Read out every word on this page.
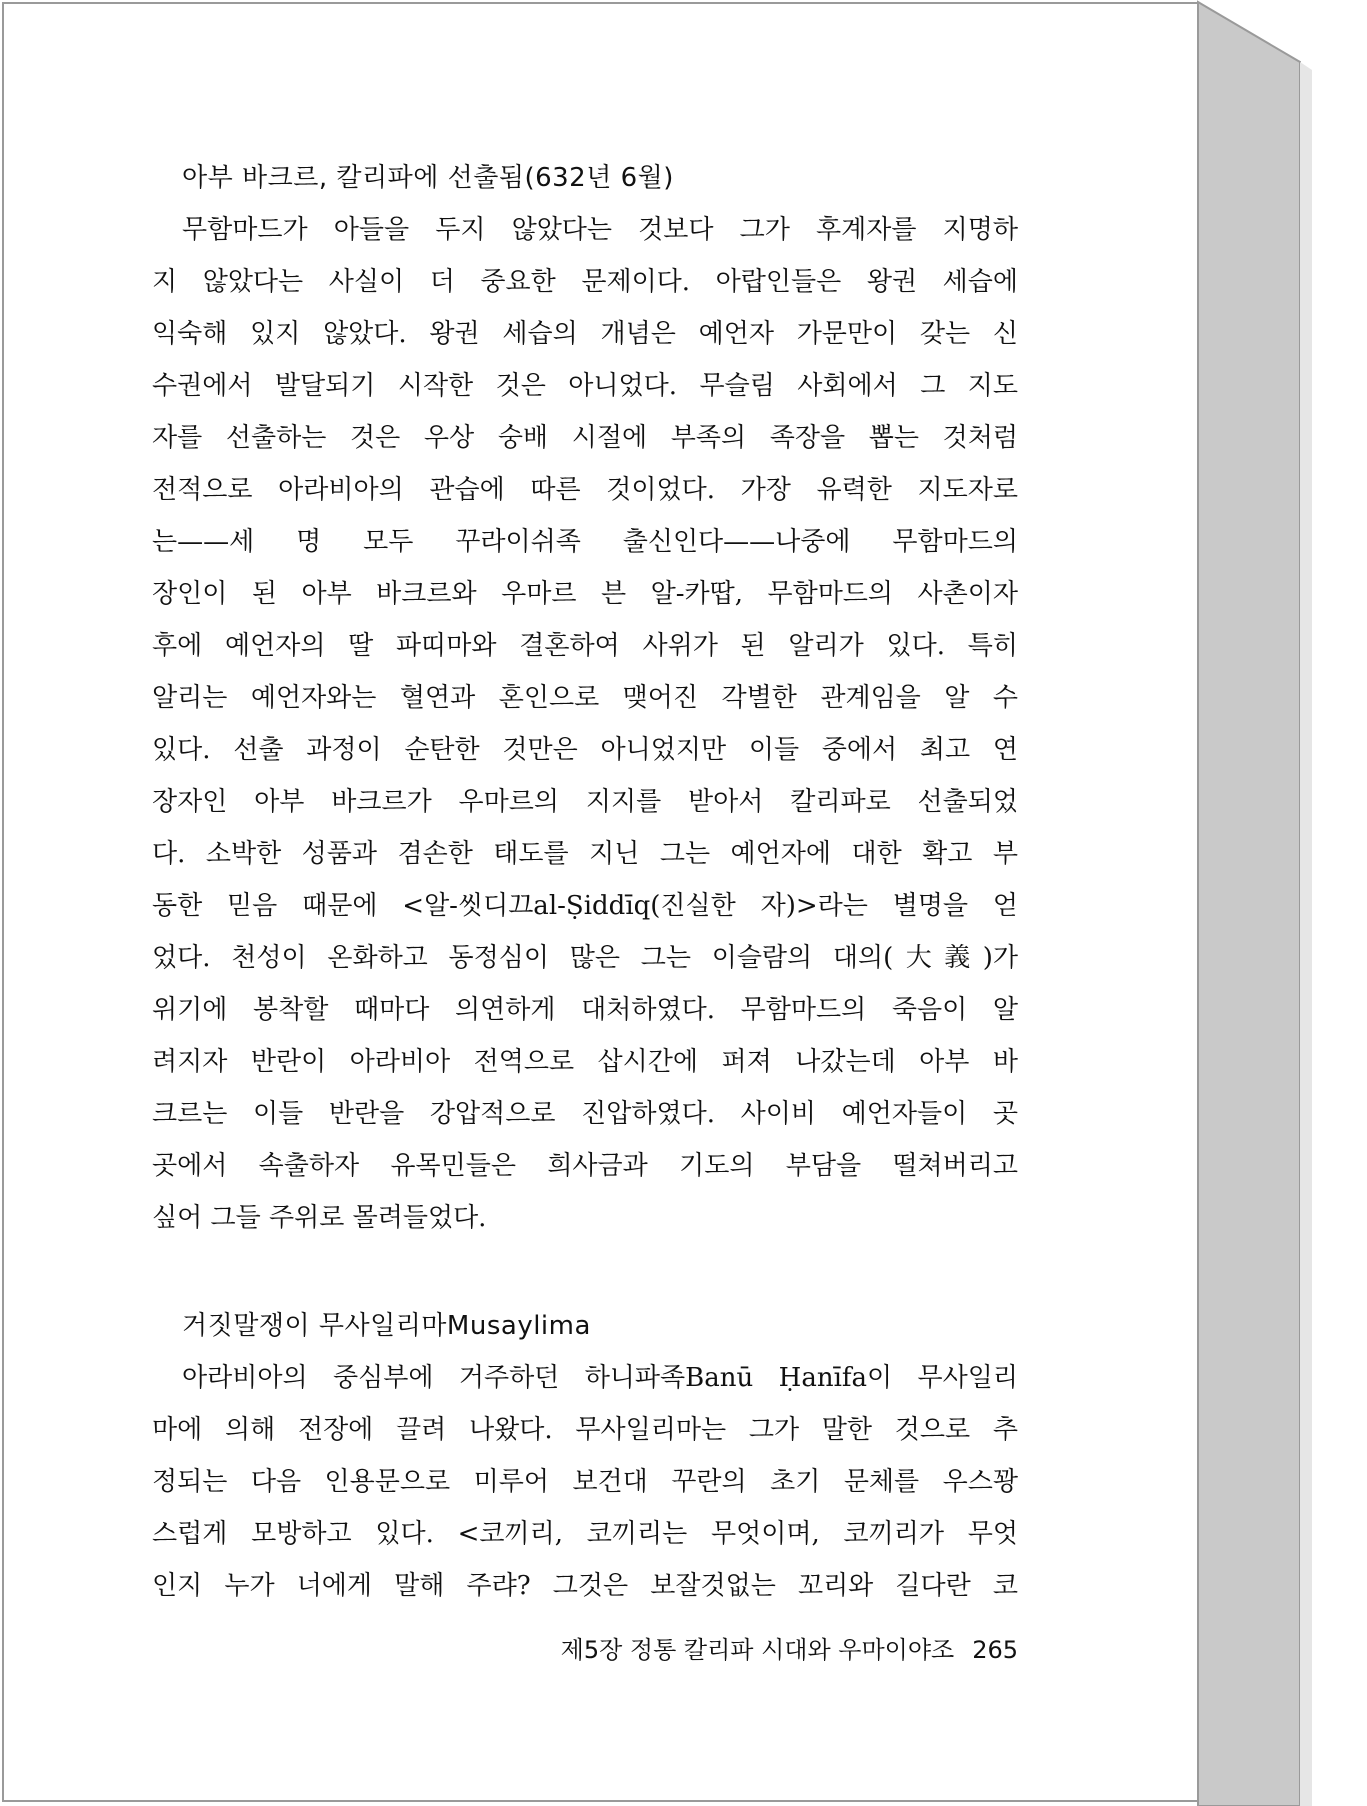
아부 바크르, 칼리파에 선출됨(632년 6월)
무함마드가 아들을 두지 않았다는 것보다 그가 후계자를 지명하
지 않았다는 사실이 더 중요한 문제이다. 아랍인들은 왕권 세습에
익숙해 있지 않았다. 왕권 세습의 개념은 예언자 가문만이 갖는 신
수권에서 발달되기 시작한 것은 아니었다. 무슬림 사회에서 그 지도
자를 선출하는 것은 우상 숭배 시절에 부족의 족장을 뽑는 것처럼
전적으로 아라비아의 관습에 따른 것이었다. 가장 유력한 지도자로
는——세 명 모두 꾸라이쉬족 출신인다——나중에 무함마드의
장인이 된 아부 바크르와 우마르 븐 알-카땁, 무함마드의 사촌이자
후에 예언자의 딸 파띠마와 결혼하여 사위가 된 알리가 있다. 특히
알리는 예언자와는 혈연과 혼인으로 맺어진 각별한 관계임을 알 수
있다. 선출 과정이 순탄한 것만은 아니었지만 이들 중에서 최고 연
장자인 아부 바크르가 우마르의 지지를 받아서 칼리파로 선출되었
다. 소박한 성품과 겸손한 태도를 지닌 그는 예언자에 대한 확고 부
동한 믿음 때문에 <알-씻디끄al-Ṣiddīq(진실한 자)>라는 별명을 얻
었다. 천성이 온화하고 동정심이 많은 그는 이슬람의 대의(大義)가
위기에 봉착할 때마다 의연하게 대처하였다. 무함마드의 죽음이 알
려지자 반란이 아라비아 전역으로 삽시간에 퍼져 나갔는데 아부 바
크르는 이들 반란을 강압적으로 진압하였다. 사이비 예언자들이 곳
곳에서 속출하자 유목민들은 희사금과 기도의 부담을 떨쳐버리고
싶어 그들 주위로 몰려들었다.
거짓말쟁이 무사일리마Musaylima
아라비아의 중심부에 거주하던 하니파족Banū Ḥanīfa이 무사일리
마에 의해 전장에 끌려 나왔다. 무사일리마는 그가 말한 것으로 추
정되는 다음 인용문으로 미루어 보건대 꾸란의 초기 문체를 우스꽝
스럽게 모방하고 있다. <코끼리, 코끼리는 무엇이며, 코끼리가 무엇
인지 누가 너에게 말해 주랴? 그것은 보잘것없는 꼬리와 길다란 코
제5장 정통 칼리파 시대와 우마이야조 265
